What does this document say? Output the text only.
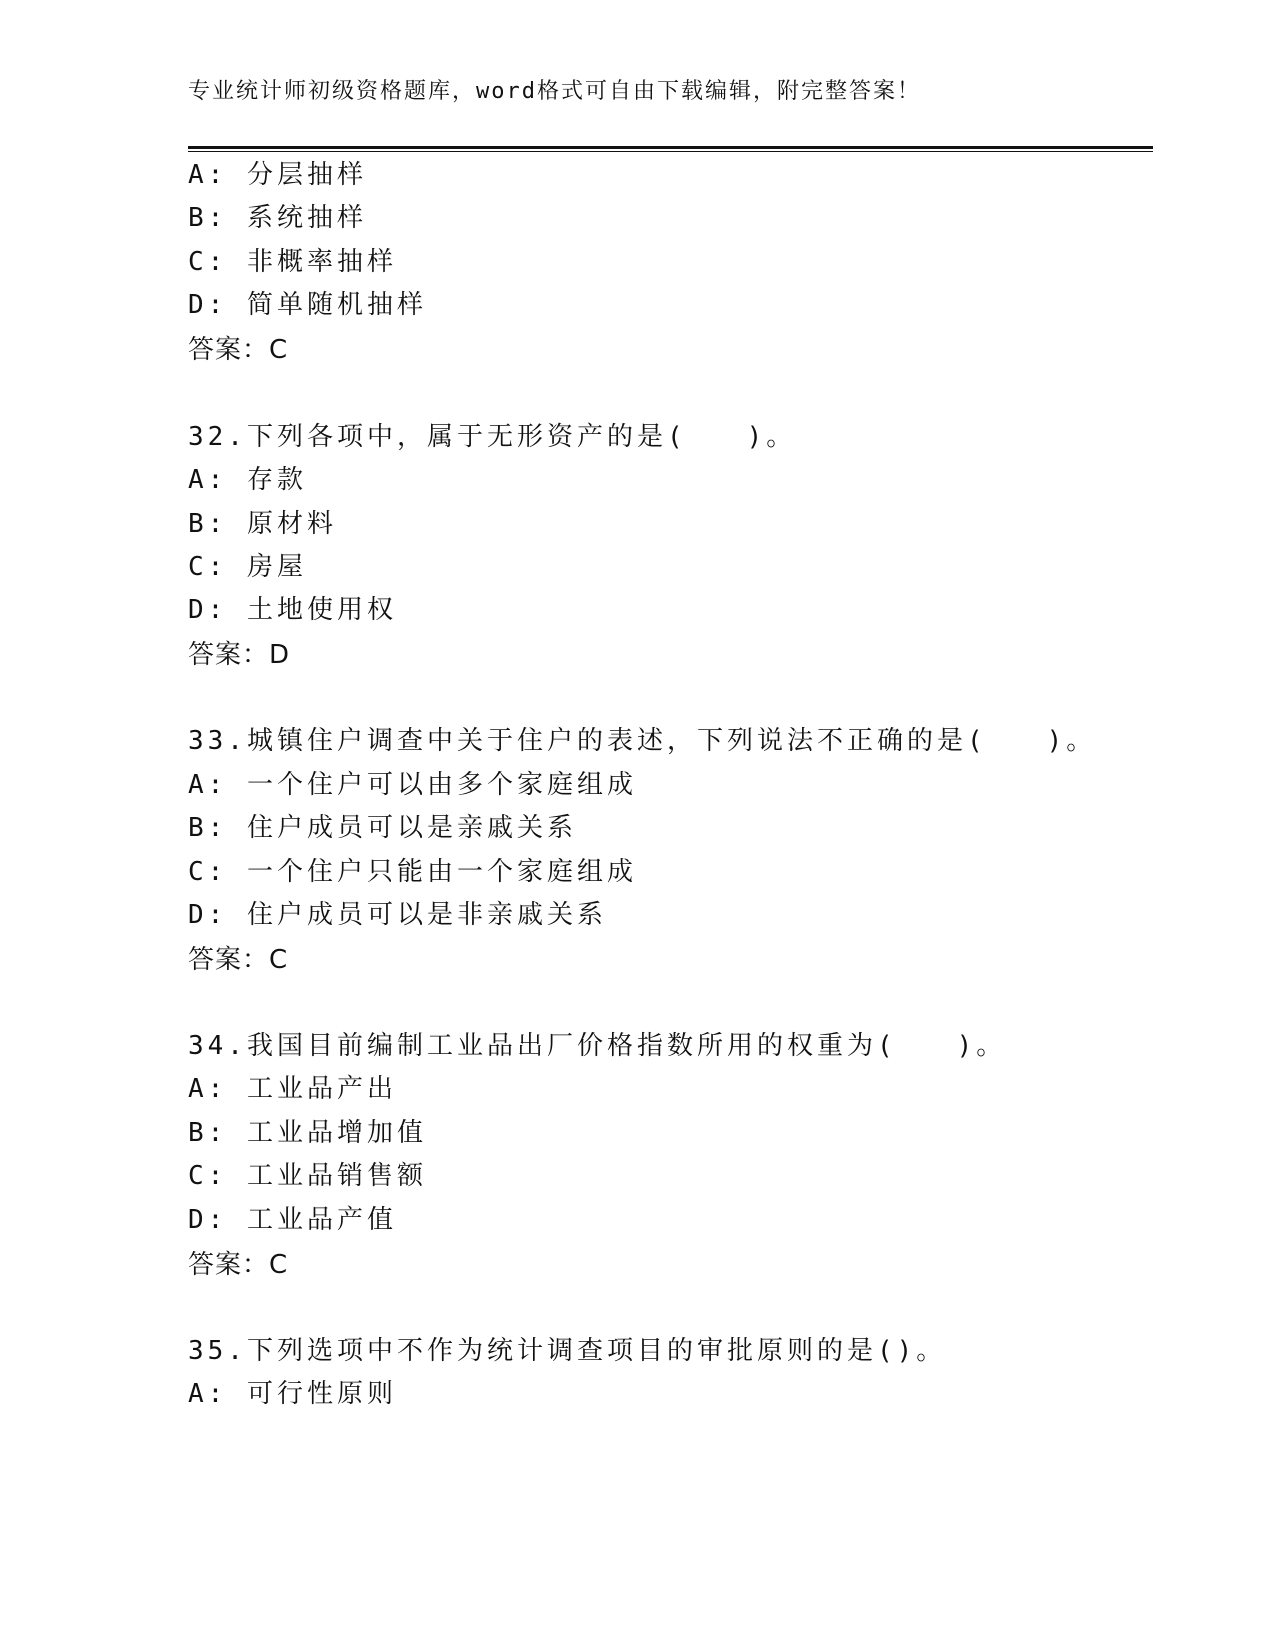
专业统计师初级资格题库，word格式可自由下载编辑，附完整答案！
A: 分层抽样
B: 系统抽样
C: 非概率抽样
D: 简单随机抽样
答案：C
32.下列各项中，属于无形资产的是(　　)。
A: 存款
B: 原材料
C: 房屋
D: 土地使用权
答案：D
33.城镇住户调查中关于住户的表述，下列说法不正确的是(　　)。
A: 一个住户可以由多个家庭组成
B: 住户成员可以是亲戚关系
C: 一个住户只能由一个家庭组成
D: 住户成员可以是非亲戚关系
答案：C
34.我国目前编制工业品出厂价格指数所用的权重为(　　)。
A: 工业品产出
B: 工业品增加值
C: 工业品销售额
D: 工业品产值
答案：C
35.下列选项中不作为统计调查项目的审批原则的是()。
A: 可行性原则
